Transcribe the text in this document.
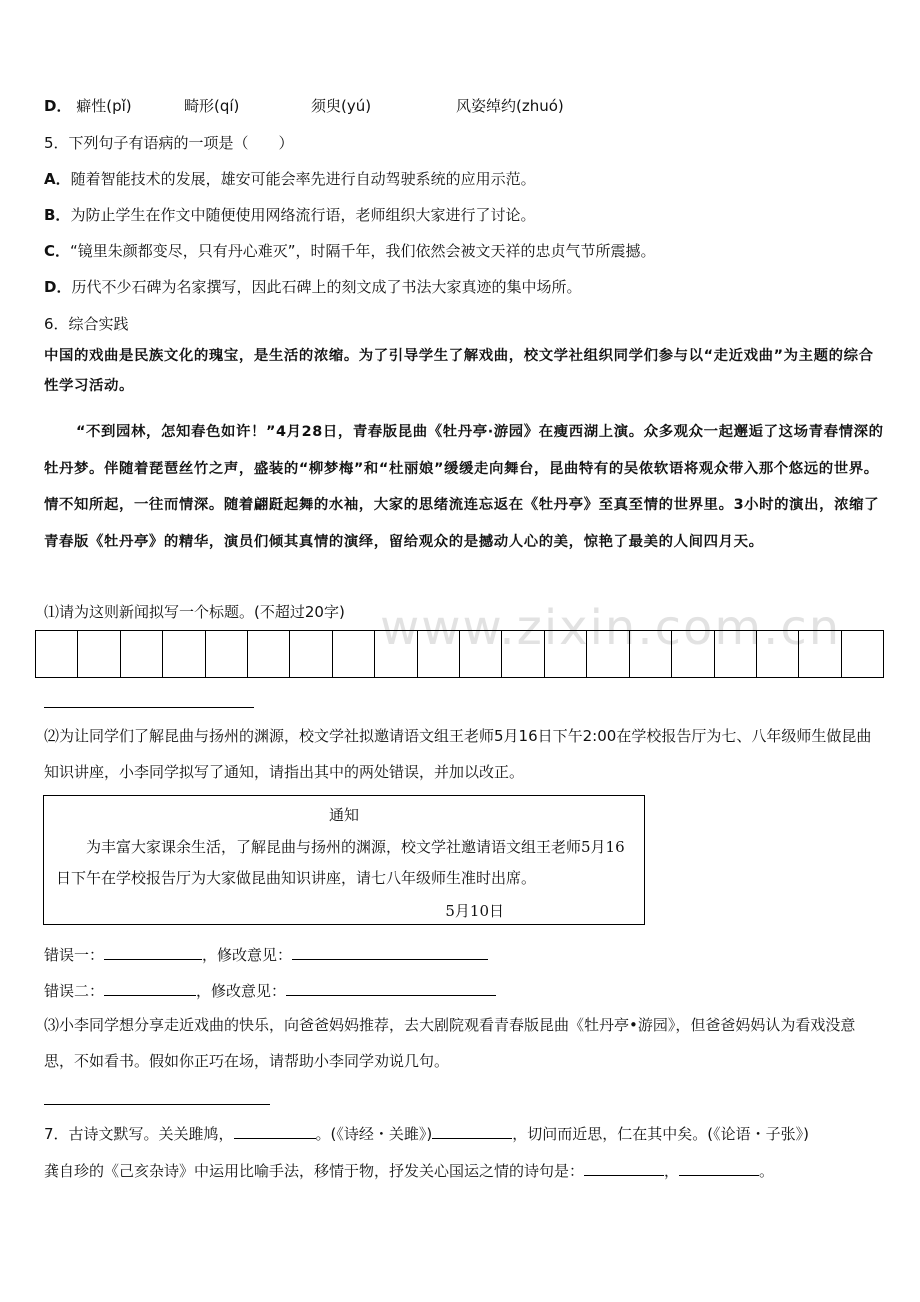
www.zixin.com.cn
D． 癖性(pǐ)	畸形(qí)	须臾(yú)	风姿绰约(zhuó)
5．下列句子有语病的一项是（　　）
A．随着智能技术的发展，雄安可能会率先进行自动驾驶系统的应用示范。
B．为防止学生在作文中随便使用网络流行语，老师组织大家进行了讨论。
C．“镜里朱颜都变尽，只有丹心难灭”，时隔千年，我们依然会被文天祥的忠贞气节所震撼。
D．历代不少石碑为名家撰写，因此石碑上的刻文成了书法大家真迹的集中场所。
6．综合实践
中国的戏曲是民族文化的瑰宝，是生活的浓缩。为了引导学生了解戏曲，校文学社组织同学们参与以“走近戏曲”为主题的综合性学习活动。
“不到园林，怎知春色如许！”4月28日，青春版昆曲《牡丹亭·游园》在瘦西湖上演。众多观众一起邂逅了这场青春情深的牡丹梦。伴随着琵琶丝竹之声，盛装的“柳梦梅”和“杜丽娘”缓缓走向舞台，昆曲特有的吴侬软语将观众带入那个悠远的世界。情不知所起，一往而情深。随着翩跹起舞的水袖，大家的思绪流连忘返在《牡丹亭》至真至情的世界里。3小时的演出，浓缩了青春版《牡丹亭》的精华，演员们倾其真情的演绎，留给观众的是撼动人心的美，惊艳了最美的人间四月天。
⑴请为这则新闻拟写一个标题。(不超过20字)
⑵为让同学们了解昆曲与扬州的渊源，校文学社拟邀请语文组王老师5月16日下午2:00在学校报告厅为七、八年级师生做昆曲知识讲座，小李同学拟写了通知，请指出其中的两处错误，并加以改正。
通知
为丰富大家课余生活，了解昆曲与扬州的渊源，校文学社邀请语文组王老师5月16日下午在学校报告厅为大家做昆曲知识讲座，请七八年级师生准时出席。
5月10日
错误一：	，修改意见：
错误二：	，修改意见：
⑶小李同学想分享走近戏曲的快乐，向爸爸妈妈推荐，去大剧院观看青春版昆曲《牡丹亭•游园》，但爸爸妈妈认为看戏没意思，不如看书。假如你正巧在场，请帮助小李同学劝说几句。
7．古诗文默写。关关雎鸠，	。(《诗经・关雎》)	，切问而近思，仁在其中矣。(《论语・子张》)
龚自珍的《己亥杂诗》中运用比喻手法，移情于物，抒发关心国运之情的诗句是：	，	。
